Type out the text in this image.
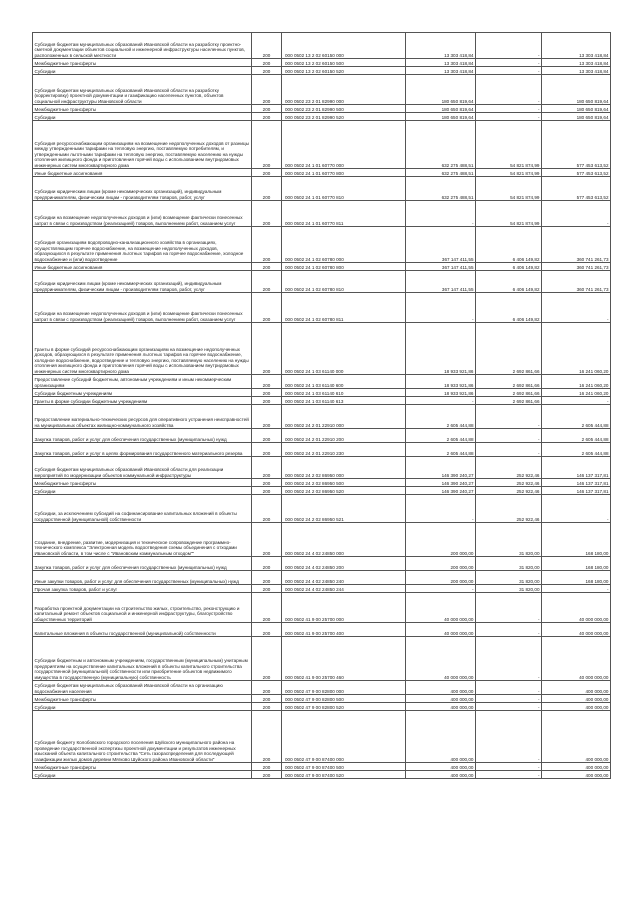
Субсидия бюджетам муниципальных образований Ивановской области на разработку проектно-сметной документации объектов социальной и инженерной инфраструктуры населенных пунктов, расположенных в сельской местности	200	000 0502 13 2 02 60150 000	13 303 418,84	-	13 303 418,84
Межбюджетные трансферты	200	000 0502 13 2 02 60150 500	13 303 418,84	-	13 303 418,84
Субсидии	200	000 0502 13 2 02 60150 520	13 303 418,84	-	13 303 418,84
Субсидия бюджетам муниципальных образований Ивановской области на разработку (корректировку) проектной документации и газификацию населенных пунктов, объектов социальной инфраструктуры Ивановской области	200	000 0502 23 2 01 82990 000	180 650 819,64	-	180 650 819,64
Межбюджетные трансферты	200	000 0502 23 2 01 82990 500	180 650 819,64	-	180 650 819,64
Субсидии	200	000 0502 23 2 01 82990 520	180 650 819,64	-	180 650 819,64
Субсидия ресурсоснабжающим организациям на возмещение недополученных доходов от разницы между утвержденными тарифами на тепловую энергию, поставляемую потребителям, и утвержденными льготными тарифами на тепловую энергию, поставляемую населению на нужды отопления жилищного фонда и приготовления горячей воды с использованием внутридомовых инженерных систем многоквартирного дома	200	000 0502 24 1 01 60770 000	632 275 488,51	54 821 874,99	577 453 613,52
Иные бюджетные ассигнования	200	000 0502 24 1 01 60770 800	632 275 488,51	54 821 874,99	577 453 613,52
Субсидии юридическим лицам (кроме некоммерческих организаций), индивидуальным предпринимателям, физическим лицам - производителям товаров, работ, услуг	200	000 0502 24 1 01 60770 810	632 275 488,51	54 821 874,99	577 453 613,52
Субсидии на возмещение недополученных доходов и (или) возмещение фактически понесенных затрат в связи с производством (реализацией) товаров, выполнением работ, оказанием услуг	200	000 0502 24 1 01 60770 811	-	54 821 874,99	-
Субсидия организациям водопроводно-канализационного хозяйства в организациях, осуществляющим горячее водоснабжение, на возмещение недополученных доходов, образующихся в результате применения льготных тарифов на горячее водоснабжение, холодное водоснабжение и (или) водоотведение	200	000 0502 24 1 02 60780 000	367 147 411,55	6 406 149,82	360 741 261,73
Иные бюджетные ассигнования	200	000 0502 24 1 02 60780 800	367 147 411,55	6 406 149,82	360 741 261,73
Субсидии юридическим лицам (кроме некоммерческих организаций), индивидуальным предпринимателям, физическим лицам - производителям товаров, работ, услуг	200	000 0502 24 1 02 60780 810	367 147 411,55	6 406 149,82	360 741 261,73
Субсидии на возмещение недополученных доходов и (или) возмещение фактически понесенных затрат в связи с производством (реализацией) товаров, выполнением работ, оказанием услуг	200	000 0502 24 1 02 60780 811	-	6 406 149,82	-
Гранты в форме субсидий ресурсоснабжающим организациям на возмещение недополученных доходов, образующихся в результате применения льготных тарифов на горячее водоснабжение, холодное водоснабжение, водоотведение и тепловую энергию, поставляемую населению на нужды отопления жилищного фонда и приготовления горячей воды с использованием внутридомовых инженерных систем многоквартирного дома	200	000 0502 24 1 03 61140 000	18 933 921,86	2 692 861,66	16 241 060,20
Предоставление субсидий бюджетным, автономным учреждениям и иным некоммерческим организациям	200	000 0502 24 1 03 61140 600	18 933 921,86	2 692 861,66	16 241 060,20
Субсидии бюджетным учреждениям	200	000 0502 24 1 03 61140 610	18 933 921,86	2 692 861,66	16 241 060,20
Гранты в форме субсидии бюджетным учреждениям	200	000 0502 24 1 03 61140 613	-	2 692 861,66	-
Предоставление материально-технических ресурсов для оперативного устранения неисправностей на муниципальных объектах жилищно-коммунального хозяйства	200	000 0502 24 2 01 22910 000	2 605 444,88	-	2 605 444,88
Закупка товаров, работ и услуг для обеспечения государственных (муниципальных) нужд	200	000 0502 24 2 01 22910 200	2 605 444,88	-	2 605 444,88
Закупка товаров, работ и услуг в целях формирования государственного материального резерва	200	000 0502 24 2 01 22910 230	2 605 444,88	-	2 605 444,88
Субсидия бюджетам муниципальных образований Ивановской области для реализации мероприятий по модернизации объектов коммунальной инфраструктуры	200	000 0502 24 2 02 86950 000	146 390 240,27	252 922,46	146 137 317,81
Межбюджетные трансферты	200	000 0502 24 2 02 86950 500	146 390 240,27	252 922,46	146 137 317,81
Субсидии	200	000 0502 24 2 02 86950 520	146 390 240,27	252 922,46	146 137 317,81
Субсидии, за исключением субсидий на софинансирование капитальных вложений в объекты государственной (муниципальной) собственности	200	000 0502 24 2 02 86950 521	-	252 922,46	-
Создание, внедрение, развитие, модернизация и техническое сопровождение программно-технического комплекса "Электронная модель водоотведения схемы объединения с отходами Ивановской области, в том числе с "Ивановским коммунальным отходом""	200	000 0502 24 4 02 24850 000	200 000,00	31 820,00	168 180,00
Закупка товаров, работ и услуг для обеспечения государственных (муниципальных) нужд	200	000 0502 24 4 02 24850 200	200 000,00	31 820,00	168 180,00
Иные закупки товаров, работ и услуг для обеспечения государственных (муниципальных) нужд	200	000 0502 24 4 02 24850 240	200 000,00	31 820,00	168 180,00
Прочая закупка товаров, работ и услуг	200	000 0502 24 4 02 24850 244	-	31 820,00	-
Разработка проектной документации на строительство жилых, строительство, реконструкцию и капитальный ремонт объектов социальной и инженерной инфраструктуры, благоустройство общественных территорий	200	000 0502 41 9 00 25700 000	40 000 000,00	-	40 000 000,00
Капитальные вложения в объекты государственной (муниципальной) собственности	200	000 0502 41 9 00 25700 400	40 000 000,00	-	40 000 000,00
Субсидии бюджетным и автономным учреждениям, государственным (муниципальным) унитарным предприятиям на осуществление капитальных вложений в объекты капитального строительства государственной (муниципальной) собственности или приобретение объектов недвижимого имущества в государственную (муниципальную) собственность	200	000 0502 41 9 00 25700 460	40 000 000,00	-	40 000 000,00
Субсидия бюджетам муниципальных образований Ивановской области на организацию водоснабжения населения	200	000 0502 47 9 00 82800 000	400 000,00	-	400 000,00
Межбюджетные трансферты	200	000 0502 47 9 00 82800 500	400 000,00	-	400 000,00
Субсидии	200	000 0502 47 9 00 82800 520	400 000,00	-	400 000,00
Субсидия бюджету Колобовского городского поселения Шуйского муниципального района на проведение государственной экспертизы проектной документации и результатов инженерных изысканий объекта капитального строительства "Сеть газораспределения для последующей газификации жилых домов деревни Мягково Шуйского района Ивановской области"	200	000 0502 47 9 00 87400 000	400 000,00	-	400 000,00
Межбюджетные трансферты	200	000 0502 47 9 00 87400 500	400 000,00	-	400 000,00
Субсидии	200	000 0502 47 9 00 87400 520	400 000,00	-	400 000,00
